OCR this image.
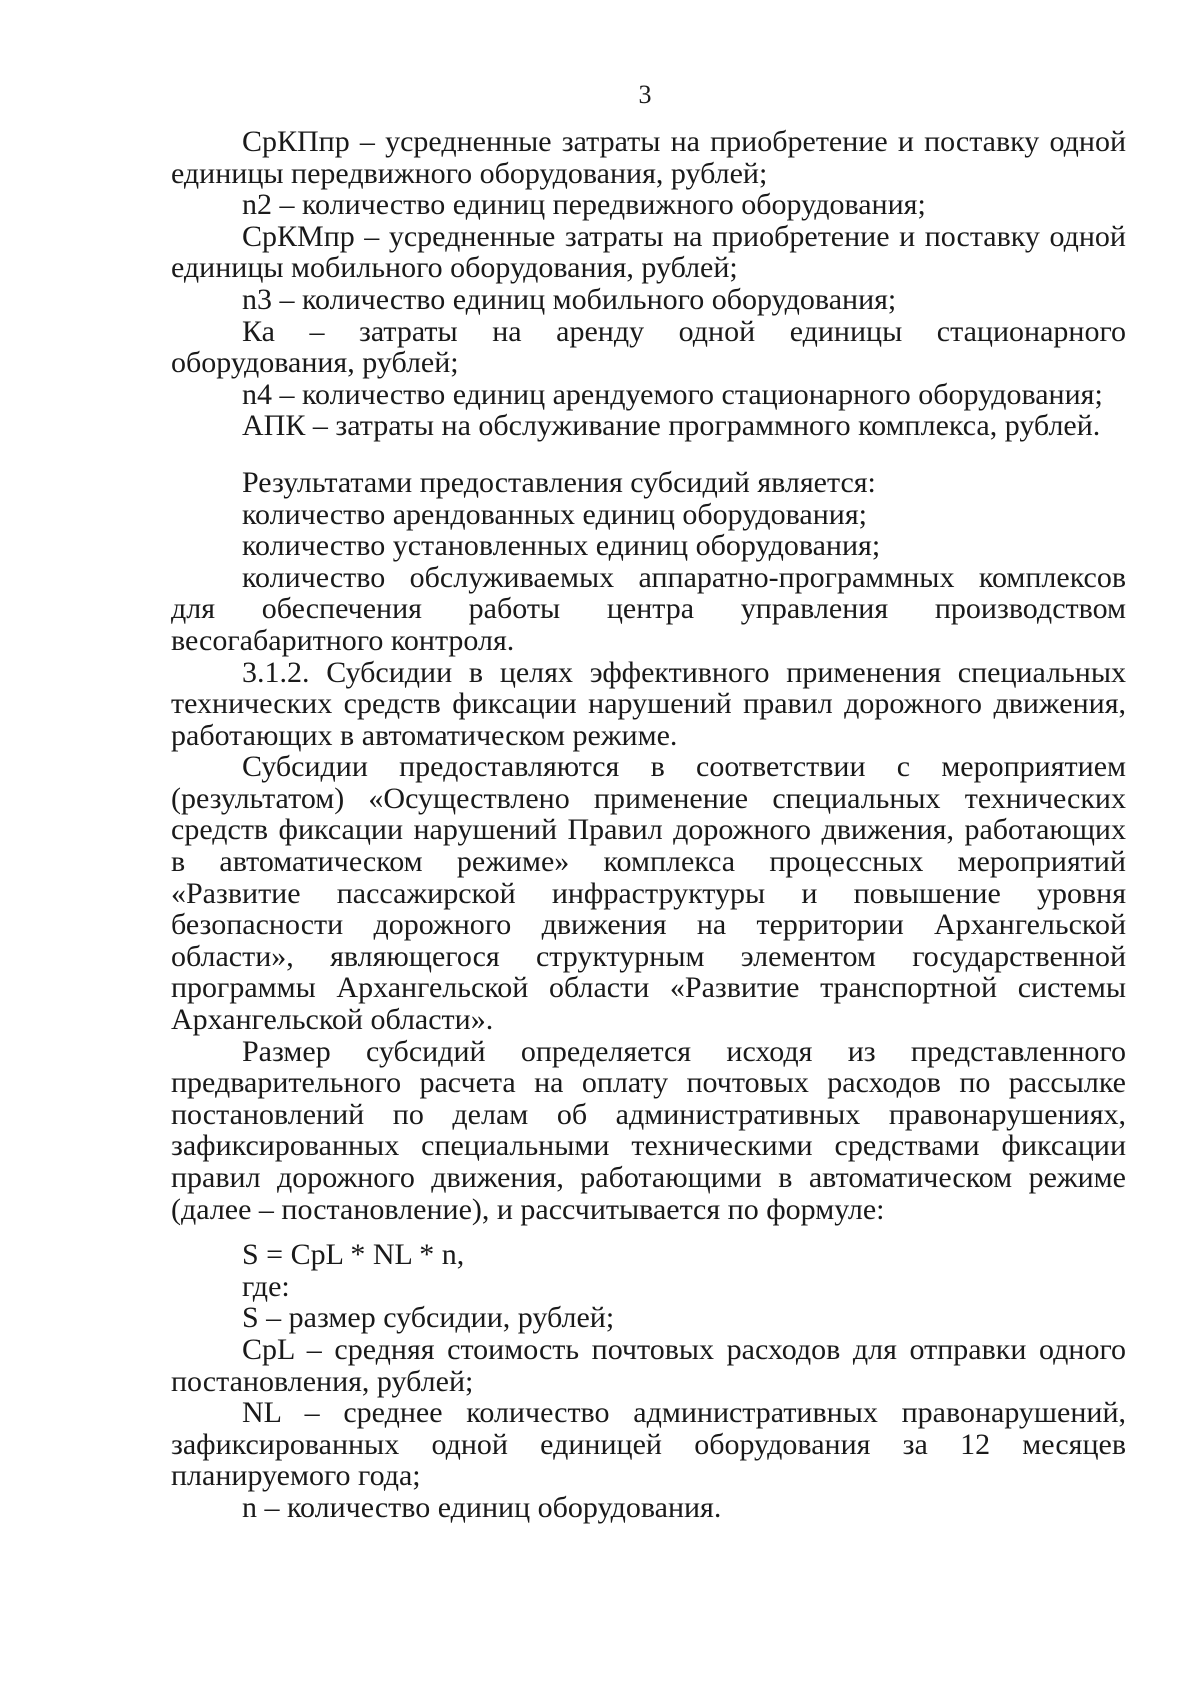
3

СрКПпр – усредненные затраты на приобретение и поставку одной единицы передвижного оборудования, рублей;

n2 – количество единиц передвижного оборудования;

СрКМпр – усредненные затраты на приобретение и поставку одной единицы мобильного оборудования, рублей;

n3 – количество единиц мобильного оборудования;

Ка – затраты на аренду одной единицы стационарного оборудования, рублей;

n4 – количество единиц арендуемого стационарного оборудования;

АПК – затраты на обслуживание программного комплекса, рублей.

Результатами предоставления субсидий является:

количество арендованных единиц оборудования;

количество установленных единиц оборудования;

количество обслуживаемых аппаратно-программных комплексов для обеспечения работы центра управления производством весогабаритного контроля.

3.1.2. Субсидии в целях эффективного применения специальных технических средств фиксации нарушений правил дорожного движения, работающих в автоматическом режиме.

Субсидии предоставляются в соответствии с мероприятием (результатом) «Осуществлено применение специальных технических средств фиксации нарушений Правил дорожного движения, работающих в автоматическом режиме» комплекса процессных мероприятий «Развитие пассажирской инфраструктуры и повышение уровня безопасности дорожного движения на территории Архангельской области», являющегося структурным элементом государственной программы Архангельской области «Развитие транспортной системы Архангельской области».

Размер субсидий определяется исходя из представленного предварительного расчета на оплату почтовых расходов по рассылке постановлений по делам об административных правонарушениях, зафиксированных специальными техническими средствами фиксации правил дорожного движения, работающими в автоматическом режиме (далее – постановление), и рассчитывается по формуле:

S = CpL * NL * n,

где:

S – размер субсидии, рублей;

CpL – средняя стоимость почтовых расходов для отправки одного постановления, рублей;

NL – среднее количество административных правонарушений, зафиксированных одной единицей оборудования за 12 месяцев планируемого года;

n – количество единиц оборудования.
